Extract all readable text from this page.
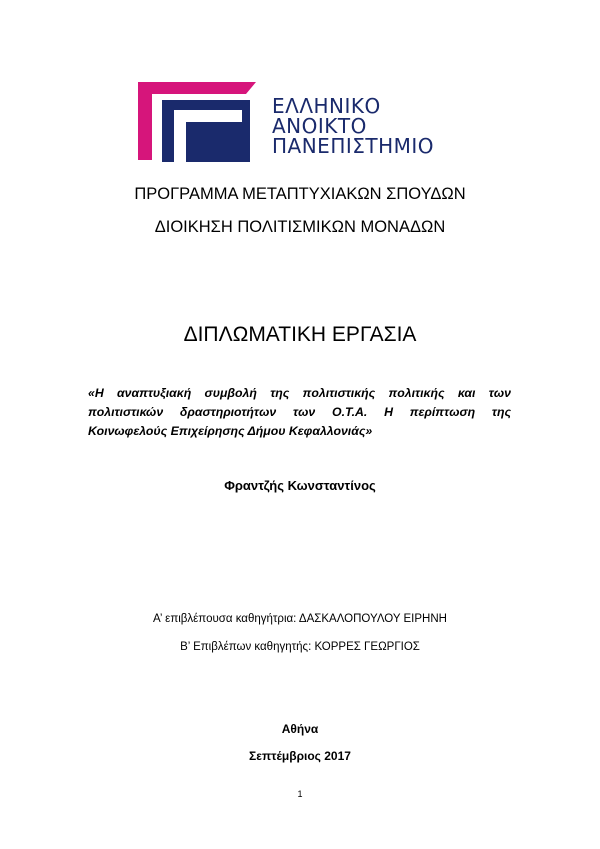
ΕΛΛΗΝΙΚΟ
ΑΝΟΙΚΤΟ
ΠΑΝΕΠΙΣΤΗΜΙΟ
ΠΡΟΓΡΑΜΜΑ ΜΕΤΑΠΤΥΧΙΑΚΩΝ ΣΠΟΥΔΩΝ
ΔΙΟΙΚΗΣΗ ΠΟΛΙΤΙΣΜΙΚΩΝ ΜΟΝΑΔΩΝ
ΔΙΠΛΩΜΑΤΙΚΗ ΕΡΓΑΣΙΑ
«Η αναπτυξιακή συμβολή της πολιτιστικής πολιτικής και των πολιτιστικών δραστηριοτήτων των Ο.Τ.Α. Η περίπτωση της Κοινωφελούς Επιχείρησης Δήμου Κεφαλλονιάς»
Φραντζής Κωνσταντίνος
Α’ επιβλέπουσα καθηγήτρια: ΔΑΣΚΑΛΟΠΟΥΛΟΥ ΕΙΡΗΝΗ
Β’ Επιβλέπων καθηγητής: ΚΟΡΡΕΣ ΓΕΩΡΓΙΟΣ
Αθήνα
Σεπτέμβριος 2017
1
